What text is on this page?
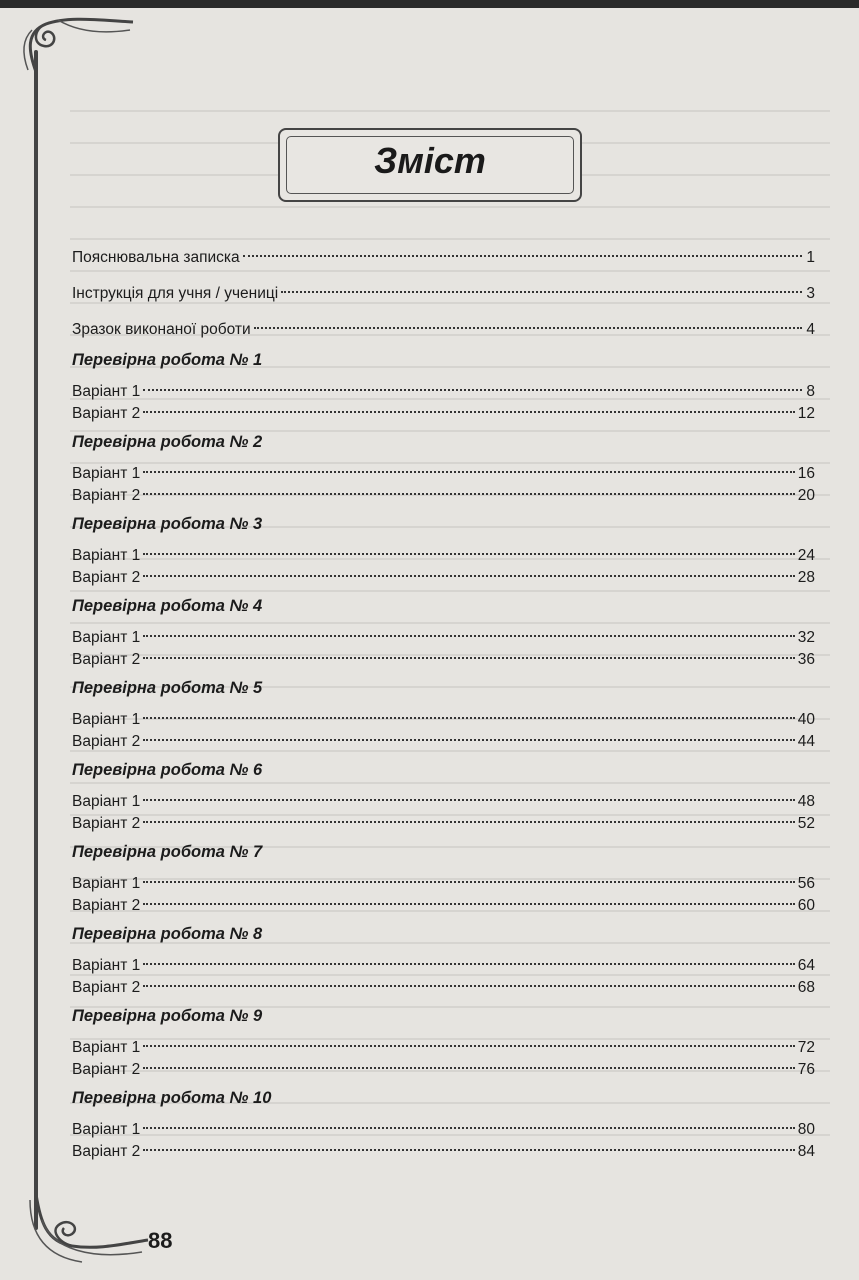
Зміст
Пояснювальна записка	1
Інструкція для учня / учениці	3
Зразок виконаної роботи	4
Перевірна робота № 1
Варіант 1	8
Варіант 2	12
Перевірна робота № 2
Варіант 1	16
Варіант 2	20
Перевірна робота № 3
Варіант 1	24
Варіант 2	28
Перевірна робота № 4
Варіант 1	32
Варіант 2	36
Перевірна робота № 5
Варіант 1	40
Варіант 2	44
Перевірна робота № 6
Варіант 1	48
Варіант 2	52
Перевірна робота № 7
Варіант 1	56
Варіант 2	60
Перевірна робота № 8
Варіант 1	64
Варіант 2	68
Перевірна робота № 9
Варіант 1	72
Варіант 2	76
Перевірна робота № 10
Варіант 1	80
Варіант 2	84
88
